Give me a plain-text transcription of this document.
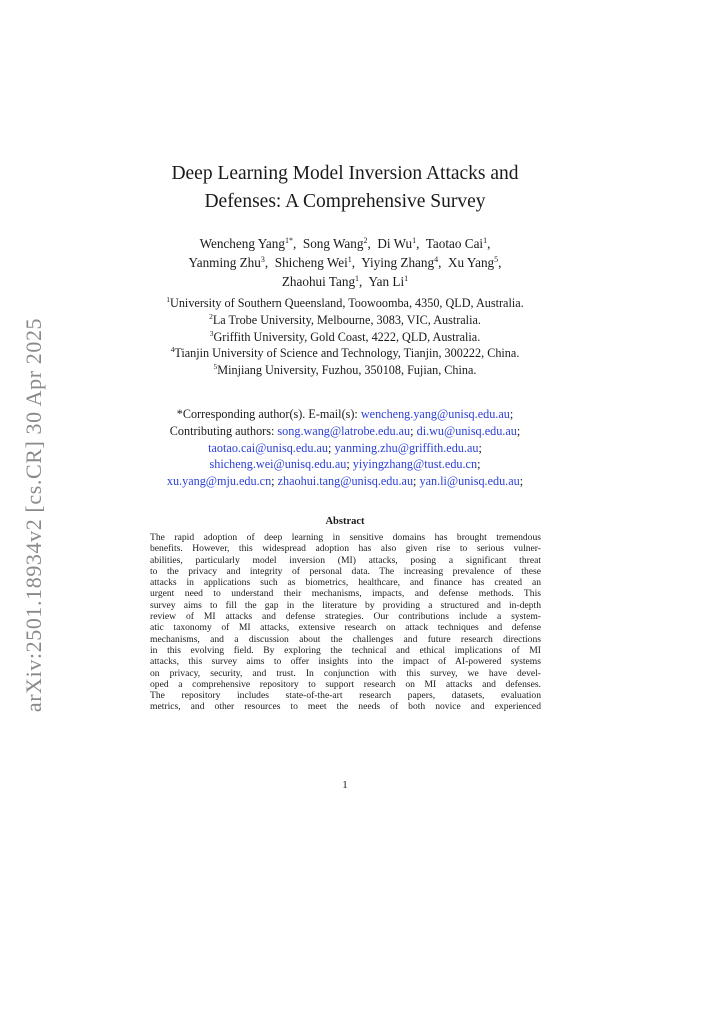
arXiv:2501.18934v2 [cs.CR] 30 Apr 2025
Deep Learning Model Inversion Attacks and
Defenses: A Comprehensive Survey
Wencheng Yang$^{1*}$,  Song Wang$^2$,  Di Wu$^1$,  Taotao Cai$^1$,
Yanming Zhu$^3$,  Shicheng Wei$^1$,  Yiying Zhang$^4$,  Xu Yang$^5$,
Zhaohui Tang$^1$,  Yan Li$^1$
$^1$University of Southern Queensland, Toowoomba, 4350, QLD, Australia.
$^2$La Trobe University, Melbourne, 3083, VIC, Australia.
$^3$Griffith University, Gold Coast, 4222, QLD, Australia.
$^4$Tianjin University of Science and Technology, Tianjin, 300222, China.
$^5$Minjiang University, Fuzhou, 350108, Fujian, China.
*Corresponding author(s). E-mail(s): wencheng.yang@unisq.edu.au;
Contributing authors: song.wang@latrobe.edu.au; di.wu@unisq.edu.au;
taotao.cai@unisq.edu.au; yanming.zhu@griffith.edu.au;
shicheng.wei@unisq.edu.au; yiyingzhang@tust.edu.cn;
xu.yang@mju.edu.cn; zhaohui.tang@unisq.edu.au; yan.li@unisq.edu.au;
Abstract
The rapid adoption of deep learning in sensitive domains has brought tremendous
benefits. However, this widespread adoption has also given rise to serious vulner-
abilities, particularly model inversion (MI) attacks, posing a significant threat
to the privacy and integrity of personal data. The increasing prevalence of these
attacks in applications such as biometrics, healthcare, and finance has created an
urgent need to understand their mechanisms, impacts, and defense methods. This
survey aims to fill the gap in the literature by providing a structured and in-depth
review of MI attacks and defense strategies. Our contributions include a system-
atic taxonomy of MI attacks, extensive research on attack techniques and defense
mechanisms, and a discussion about the challenges and future research directions
in this evolving field. By exploring the technical and ethical implications of MI
attacks, this survey aims to offer insights into the impact of AI-powered systems
on privacy, security, and trust. In conjunction with this survey, we have devel-
oped a comprehensive repository to support research on MI attacks and defenses.
The repository includes state-of-the-art research papers, datasets, evaluation
metrics, and other resources to meet the needs of both novice and experienced
1
